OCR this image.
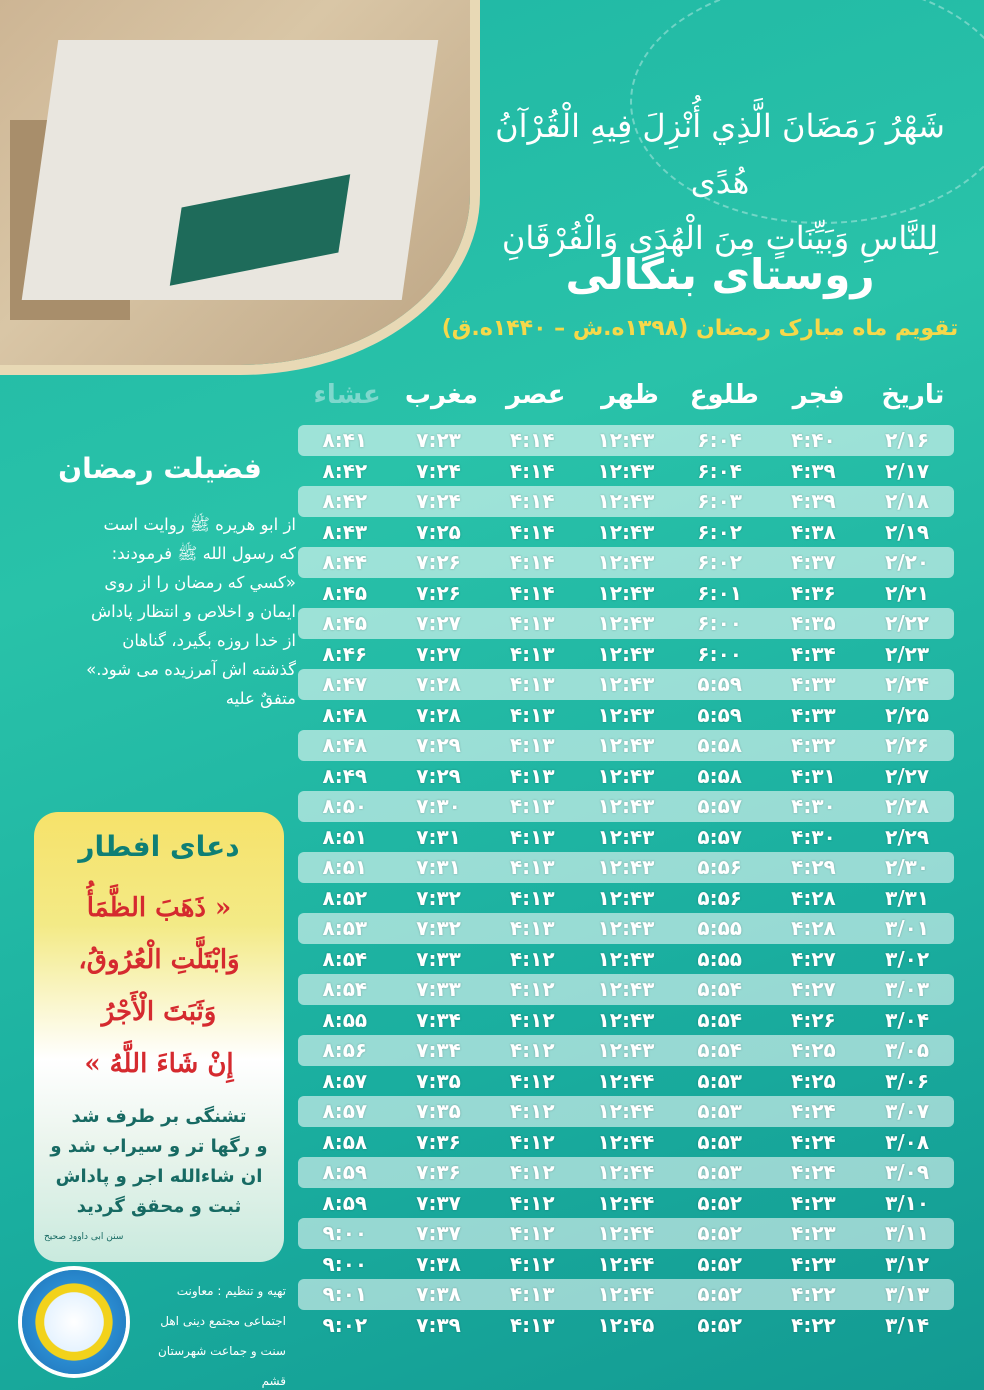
شَهْرُ رَمَضَانَ الَّذِي أُنْزِلَ فِيهِ الْقُرْآنُ هُدًى
لِلنَّاسِ وَبَيِّنَاتٍ مِنَ الْهُدَى وَالْفُرْقَانِ
روستای بنگالی
تقویم ماه مبارک رمضان (۱۳۹۸ه.ش – ۱۴۴۰ه.ق)
تاریخ
فجر
طلوع
ظهر
عصر
مغرب
عشاء
۲/۱۶
۴:۴۰
۶:۰۴
۱۲:۴۳
۴:۱۴
۷:۲۳
۸:۴۱
۲/۱۷
۴:۳۹
۶:۰۴
۱۲:۴۳
۴:۱۴
۷:۲۴
۸:۴۲
۲/۱۸
۴:۳۹
۶:۰۳
۱۲:۴۳
۴:۱۴
۷:۲۴
۸:۴۲
۲/۱۹
۴:۳۸
۶:۰۲
۱۲:۴۳
۴:۱۴
۷:۲۵
۸:۴۳
۲/۲۰
۴:۳۷
۶:۰۲
۱۲:۴۳
۴:۱۴
۷:۲۶
۸:۴۴
۲/۲۱
۴:۳۶
۶:۰۱
۱۲:۴۳
۴:۱۴
۷:۲۶
۸:۴۵
۲/۲۲
۴:۳۵
۶:۰۰
۱۲:۴۳
۴:۱۳
۷:۲۷
۸:۴۵
۲/۲۳
۴:۳۴
۶:۰۰
۱۲:۴۳
۴:۱۳
۷:۲۷
۸:۴۶
۲/۲۴
۴:۳۳
۵:۵۹
۱۲:۴۳
۴:۱۳
۷:۲۸
۸:۴۷
۲/۲۵
۴:۳۳
۵:۵۹
۱۲:۴۳
۴:۱۳
۷:۲۸
۸:۴۸
۲/۲۶
۴:۳۲
۵:۵۸
۱۲:۴۳
۴:۱۳
۷:۲۹
۸:۴۸
۲/۲۷
۴:۳۱
۵:۵۸
۱۲:۴۳
۴:۱۳
۷:۲۹
۸:۴۹
۲/۲۸
۴:۳۰
۵:۵۷
۱۲:۴۳
۴:۱۳
۷:۳۰
۸:۵۰
۲/۲۹
۴:۳۰
۵:۵۷
۱۲:۴۳
۴:۱۳
۷:۳۱
۸:۵۱
۲/۳۰
۴:۲۹
۵:۵۶
۱۲:۴۳
۴:۱۳
۷:۳۱
۸:۵۱
۳/۳۱
۴:۲۸
۵:۵۶
۱۲:۴۳
۴:۱۳
۷:۳۲
۸:۵۲
۳/۰۱
۴:۲۸
۵:۵۵
۱۲:۴۳
۴:۱۳
۷:۳۲
۸:۵۳
۳/۰۲
۴:۲۷
۵:۵۵
۱۲:۴۳
۴:۱۲
۷:۳۳
۸:۵۴
۳/۰۳
۴:۲۷
۵:۵۴
۱۲:۴۳
۴:۱۲
۷:۳۳
۸:۵۴
۳/۰۴
۴:۲۶
۵:۵۴
۱۲:۴۳
۴:۱۲
۷:۳۴
۸:۵۵
۳/۰۵
۴:۲۵
۵:۵۴
۱۲:۴۳
۴:۱۲
۷:۳۴
۸:۵۶
۳/۰۶
۴:۲۵
۵:۵۳
۱۲:۴۴
۴:۱۲
۷:۳۵
۸:۵۷
۳/۰۷
۴:۲۴
۵:۵۳
۱۲:۴۴
۴:۱۲
۷:۳۵
۸:۵۷
۳/۰۸
۴:۲۴
۵:۵۳
۱۲:۴۴
۴:۱۲
۷:۳۶
۸:۵۸
۳/۰۹
۴:۲۴
۵:۵۳
۱۲:۴۴
۴:۱۲
۷:۳۶
۸:۵۹
۳/۱۰
۴:۲۳
۵:۵۲
۱۲:۴۴
۴:۱۲
۷:۳۷
۸:۵۹
۳/۱۱
۴:۲۳
۵:۵۲
۱۲:۴۴
۴:۱۲
۷:۳۷
۹:۰۰
۳/۱۲
۴:۲۳
۵:۵۲
۱۲:۴۴
۴:۱۲
۷:۳۸
۹:۰۰
۳/۱۳
۴:۲۲
۵:۵۲
۱۲:۴۴
۴:۱۳
۷:۳۸
۹:۰۱
۳/۱۴
۴:۲۲
۵:۵۲
۱۲:۴۵
۴:۱۳
۷:۳۹
۹:۰۲
فضیلت رمضان
از ابو هریره ﷺ روایت است
که رسول الله ﷺ فرمودند:
«کسي که رمضان را از روی
ایمان و اخلاص و انتظار پاداش
از خدا روزه بگیرد، گناهان
گذشته اش آمرزیده می شود.»
متفقٌ علیه
دعای افطار
« ذَهَبَ الظَّمَأُ
وَابْتَلَّتِ الْعُرُوقُ،
وَثَبَتَ الْأَجْرُ
إِنْ شَاءَ اللَّهُ »
تشنگی بر طرف شد
و رگها تر و سیراب شد و
ان شاءالله اجر و پاداش
ثبت و محقق گردید
سنن ابی داوود صحیح
تهیه و تنظیم : معاونت
اجتماعی مجتمع دینی اهل
سنت و جماعت شهرستان قشم
